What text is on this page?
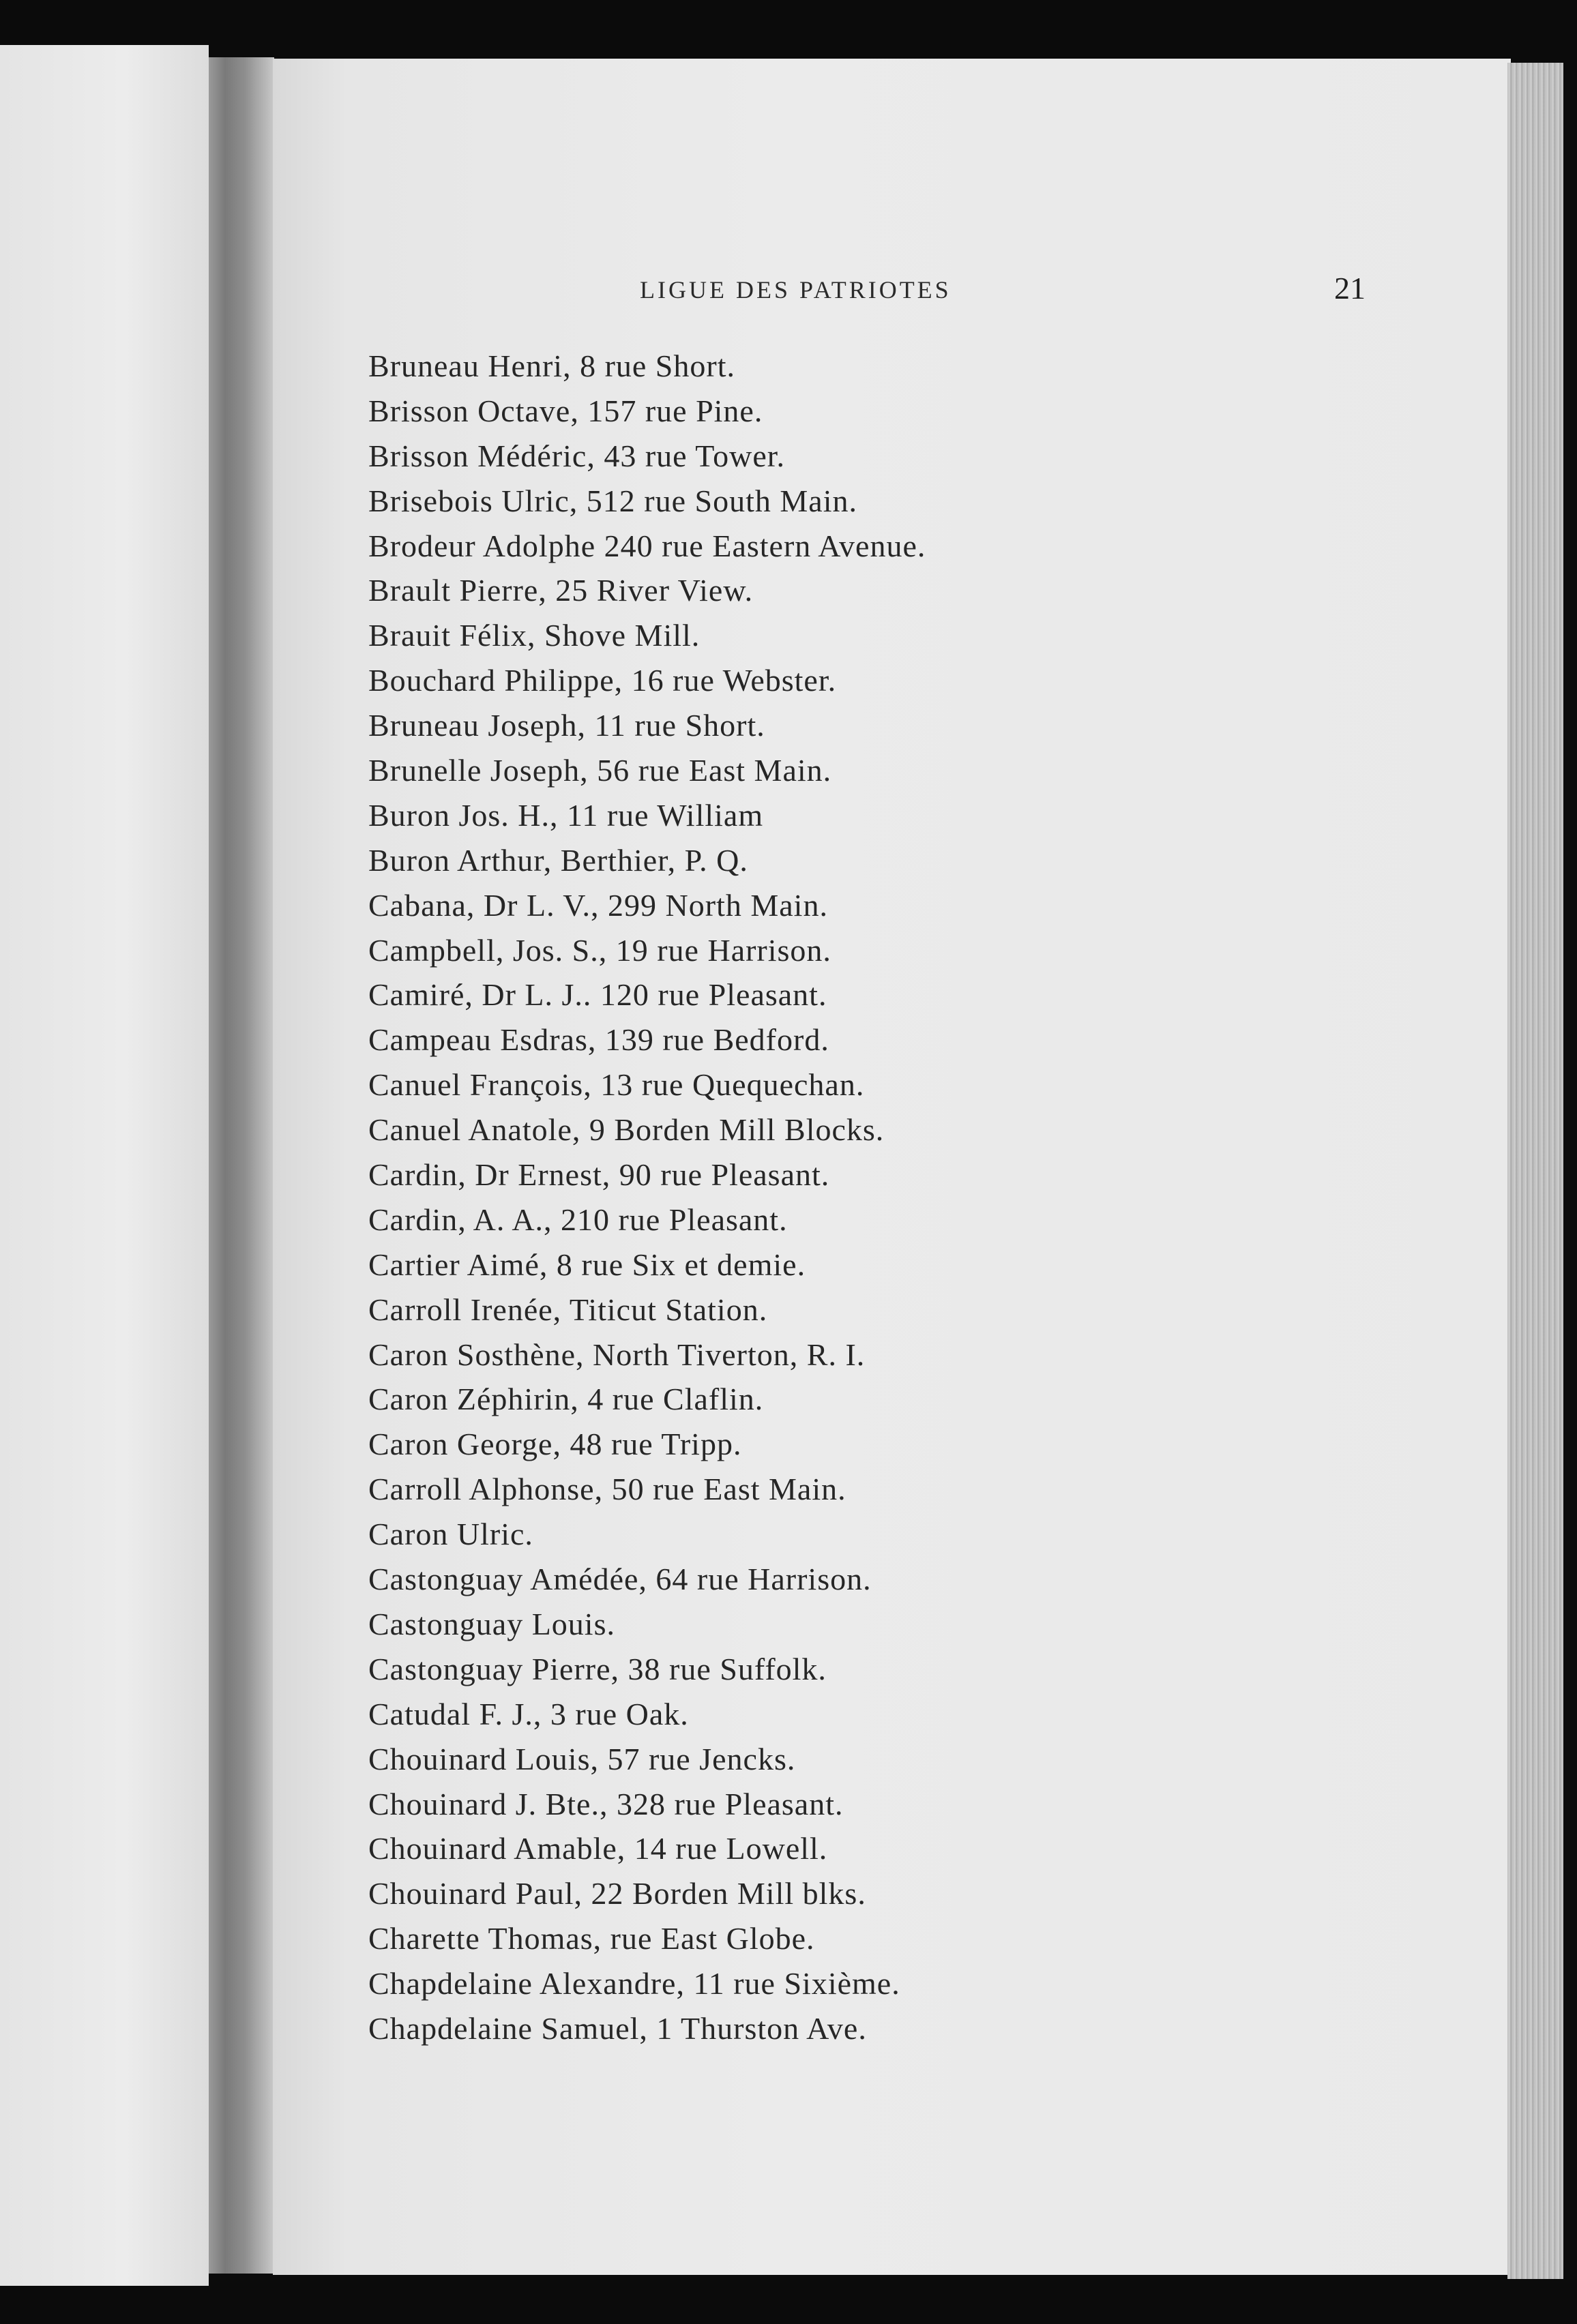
LIGUE DES PATRIOTES	21
Bruneau Henri, 8 rue Short.
Brisson Octave, 157 rue Pine.
Brisson Médéric, 43 rue Tower.
Brisebois Ulric, 512 rue South Main.
Brodeur Adolphe 240 rue Eastern Avenue.
Brault Pierre, 25 River View.
Brauit Félix, Shove Mill.
Bouchard Philippe, 16 rue Webster.
Bruneau Joseph, 11 rue Short.
Brunelle Joseph, 56 rue East Main.
Buron Jos. H., 11 rue William
Buron Arthur, Berthier, P. Q.
Cabana, Dr L. V., 299 North Main.
Campbell, Jos. S., 19 rue Harrison.
Camiré, Dr L. J.. 120 rue Pleasant.
Campeau Esdras, 139 rue Bedford.
Canuel François, 13 rue Quequechan.
Canuel Anatole, 9 Borden Mill Blocks.
Cardin, Dr Ernest, 90 rue Pleasant.
Cardin, A. A., 210 rue Pleasant.
Cartier Aimé, 8 rue Six et demie.
Carroll Irenée, Titicut Station.
Caron Sosthène, North Tiverton, R. I.
Caron Zéphirin, 4 rue Claflin.
Caron George, 48 rue Tripp.
Carroll Alphonse, 50 rue East Main.
Caron Ulric.
Castonguay Amédée, 64 rue Harrison.
Castonguay Louis.
Castonguay Pierre, 38 rue Suffolk.
Catudal F. J., 3 rue Oak.
Chouinard Louis, 57 rue Jencks.
Chouinard J. Bte., 328 rue Pleasant.
Chouinard Amable, 14 rue Lowell.
Chouinard Paul, 22 Borden Mill blks.
Charette Thomas, rue East Globe.
Chapdelaine Alexandre, 11 rue Sixième.
Chapdelaine Samuel, 1 Thurston Ave.
